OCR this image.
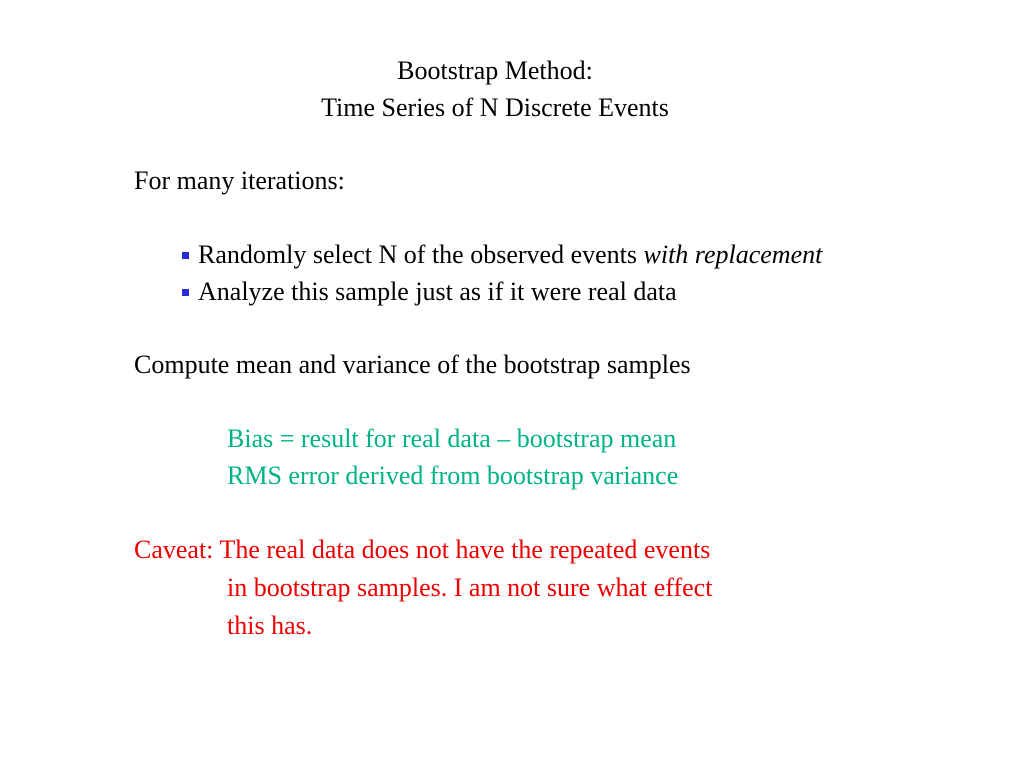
Bootstrap Method:
Time Series of N Discrete Events
For many iterations:
Randomly select N of the observed events with replacement
Analyze this sample just as if it were real data
Compute mean and variance of the bootstrap samples
Bias = result for real data – bootstrap mean
RMS error derived from bootstrap variance
Caveat: The real data does not have the repeated events
in bootstrap samples. I am not sure what effect
this has.
